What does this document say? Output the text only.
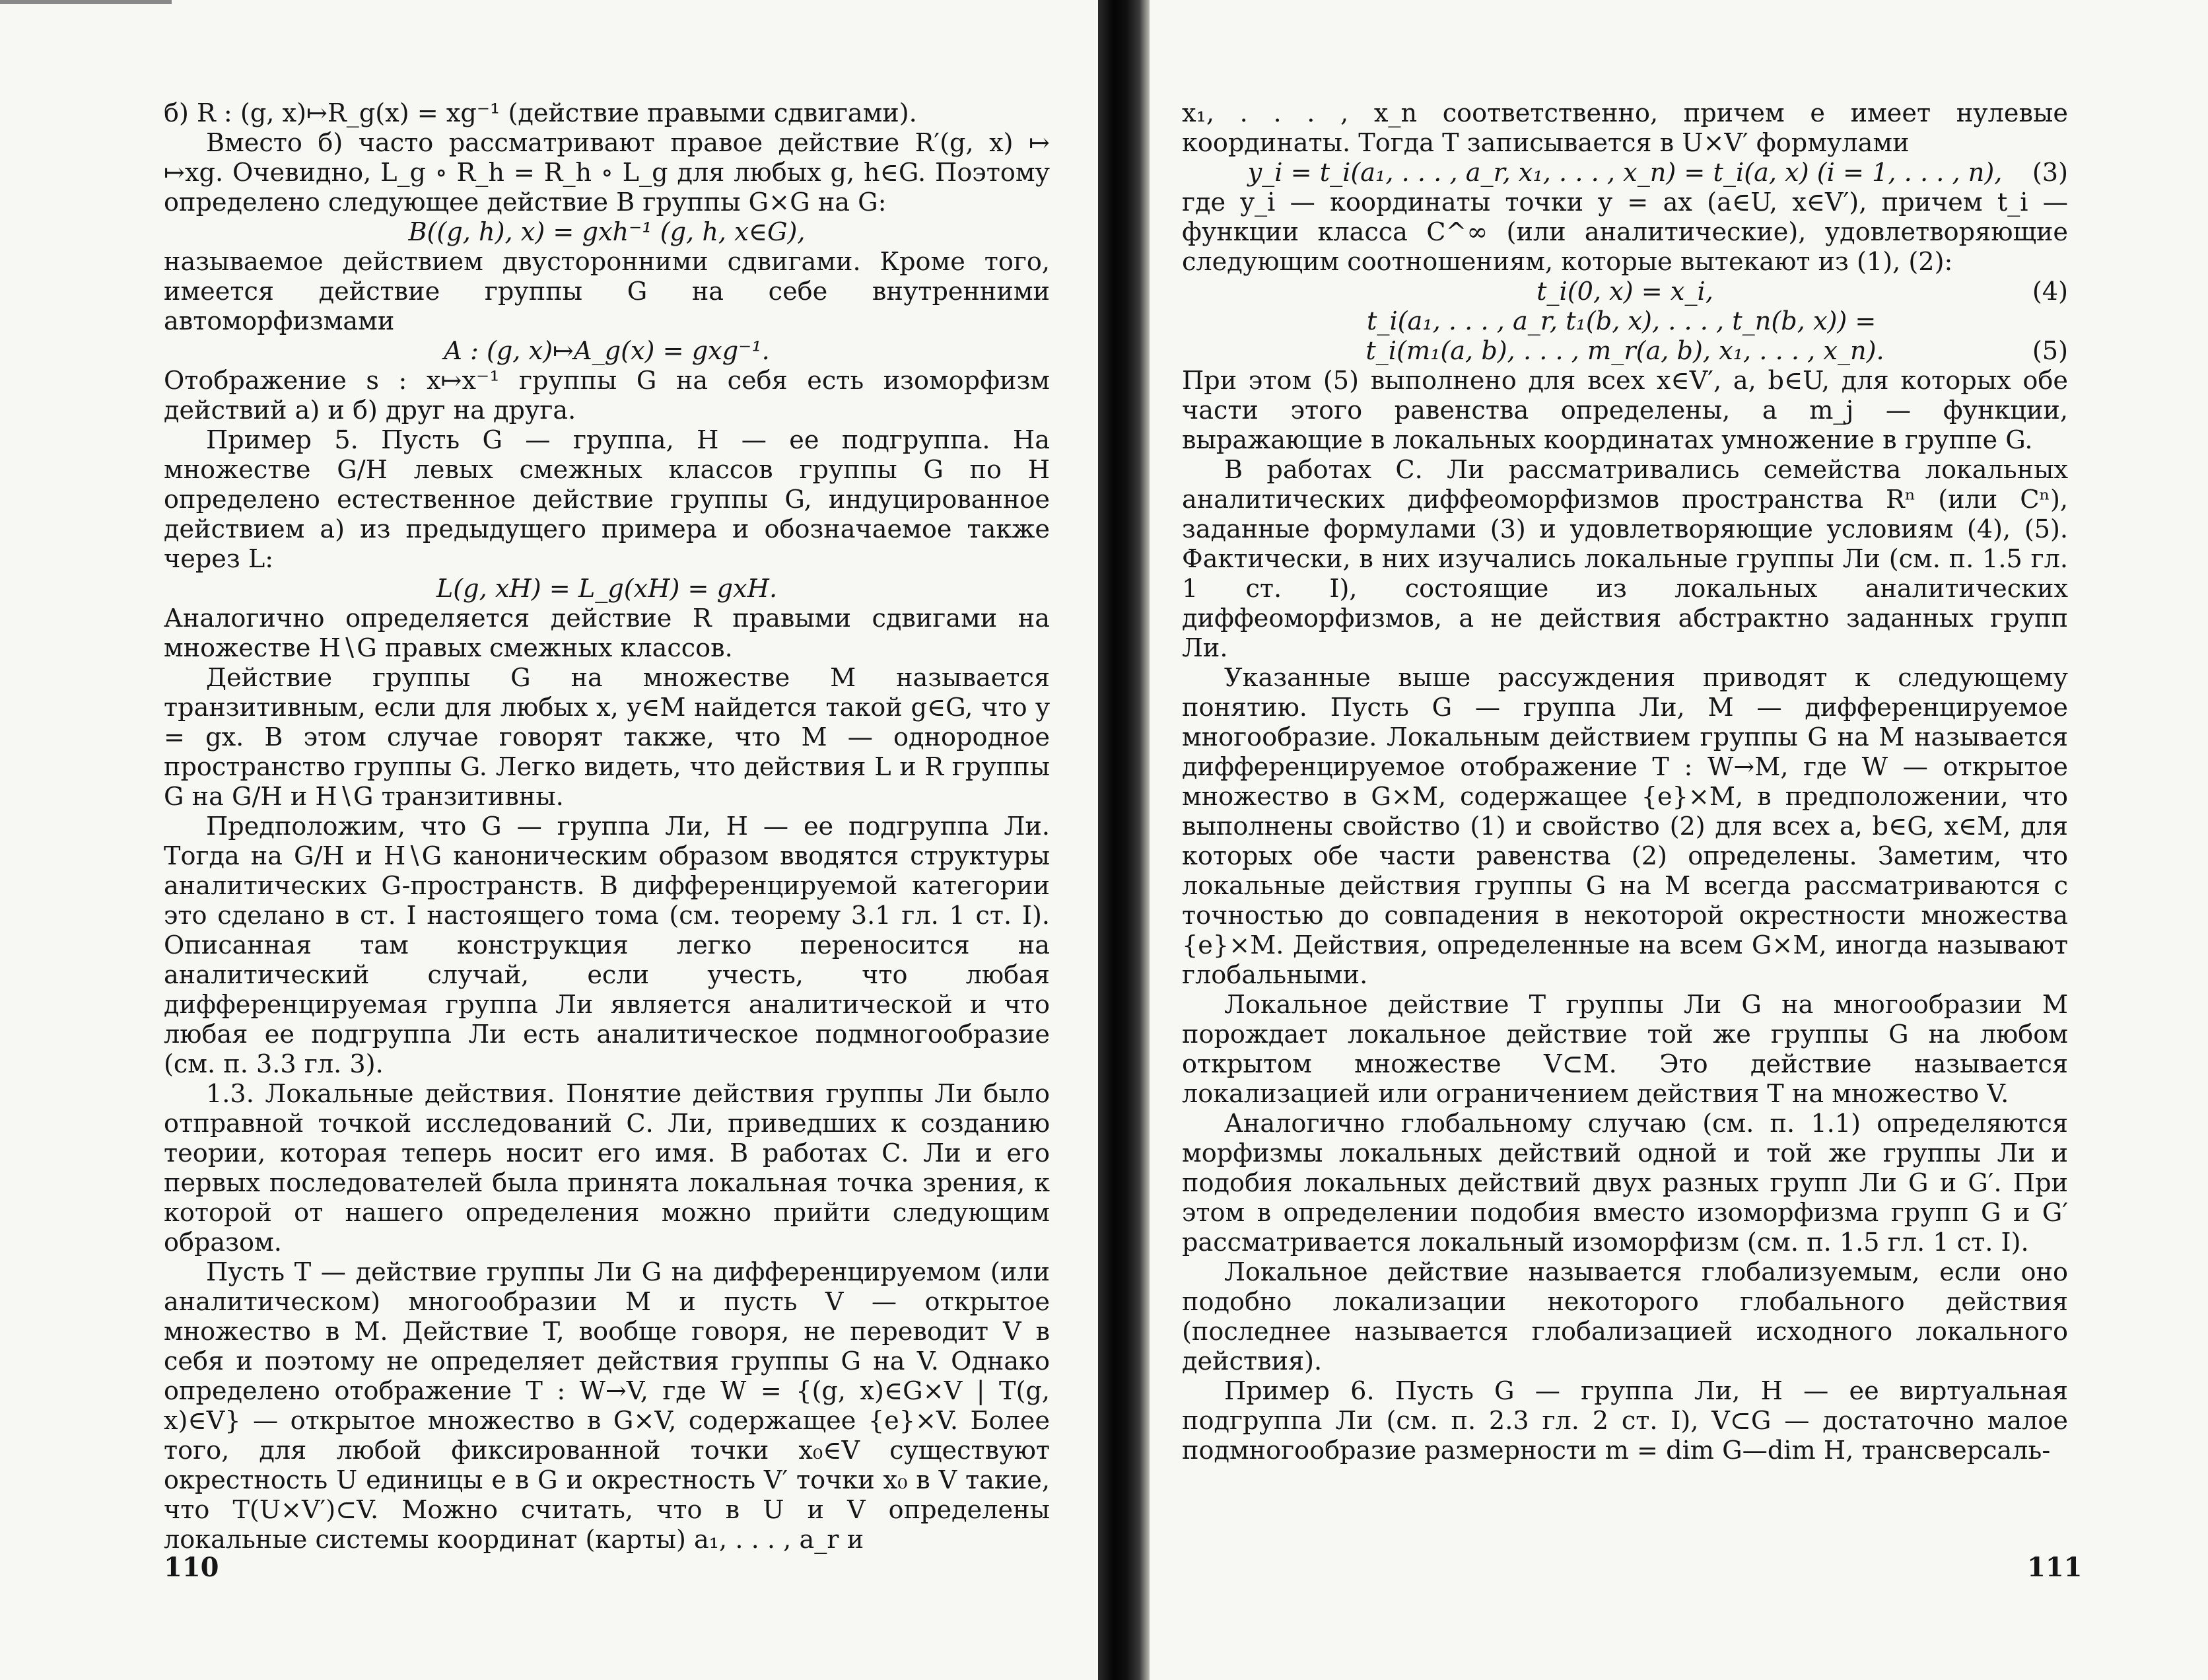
б) R : (g, x)↦R_g(x) = xg⁻¹ (действие правыми сдвигами).

Вместо б) часто рассматривают правое действие R′(g, x) ↦ ↦xg. Очевидно, L_g ∘ R_h = R_h ∘ L_g для любых g, h∈G. Поэтому определено следующее действие B группы G×G на G:

B((g, h), x) = gxh⁻¹ (g, h, x∈G),

называемое действием двусторонними сдвигами. Кроме того, имеется действие группы G на себе внутренними автоморфизмами

A : (g, x)↦A_g(x) = gxg⁻¹.

Отображение s : x↦x⁻¹ группы G на себя есть изоморфизм действий а) и б) друг на друга.

Пример 5. Пусть G — группа, H — ее подгруппа. На множестве G/H левых смежных классов группы G по H определено естественное действие группы G, индуцированное действием а) из предыдущего примера и обозначаемое также через L:

L(g, xH) = L_g(xH) = gxH.

Аналогично определяется действие R правыми сдвигами на множестве H∖G правых смежных классов.

Действие группы G на множестве M называется транзитивным, если для любых x, y∈M найдется такой g∈G, что y = gx. В этом случае говорят также, что M — однородное пространство группы G. Легко видеть, что действия L и R группы G на G/H и H∖G транзитивны.

Предположим, что G — группа Ли, H — ее подгруппа Ли. Тогда на G/H и H∖G каноническим образом вводятся структуры аналитических G-пространств. В дифференцируемой категории это сделано в ст. I настоящего тома (см. теорему 3.1 гл. 1 ст. I). Описанная там конструкция легко переносится на аналитический случай, если учесть, что любая дифференцируемая группа Ли является аналитической и что любая ее подгруппа Ли есть аналитическое подмногообразие (см. п. 3.3 гл. 3).

1.3. Локальные действия. Понятие действия группы Ли было отправной точкой исследований С. Ли, приведших к созданию теории, которая теперь носит его имя. В работах С. Ли и его первых последователей была принята локальная точка зрения, к которой от нашего определения можно прийти следующим образом.

Пусть T — действие группы Ли G на дифференцируемом (или аналитическом) многообразии M и пусть V — открытое множество в M. Действие T, вообще говоря, не переводит V в себя и поэтому не определяет действия группы G на V. Однако определено отображение T : W→V, где W = {(g, x)∈G×V | T(g, x)∈V} — открытое множество в G×V, содержащее {e}×V. Более того, для любой фиксированной точки x₀∈V существуют окрестность U единицы e в G и окрестность V′ точки x₀ в V такие, что T(U×V′)⊂V. Можно считать, что в U и V определены локальные системы координат (карты) a₁, . . . , a_r и

x₁, . . . , x_n соответственно, причем e имеет нулевые координаты. Тогда T записывается в U×V′ формулами

y_i = t_i(a₁, . . . , a_r, x₁, . . . , x_n) = t_i(a, x) (i = 1, . . . , n), (3)

где y_i — координаты точки y = ax (a∈U, x∈V′), причем t_i — функции класса C^∞ (или аналитические), удовлетворяющие следующим соотношениям, которые вытекают из (1), (2):

t_i(0, x) = x_i,	(4)

t_i(a₁, . . . , a_r, t₁(b, x), . . . , t_n(b, x)) =

t_i(m₁(a, b), . . . , m_r(a, b), x₁, . . . , x_n).	(5)

При этом (5) выполнено для всех x∈V′, a, b∈U, для которых обе части этого равенства определены, а m_j — функции, выражающие в локальных координатах умножение в группе G.

В работах С. Ли рассматривались семейства локальных аналитических диффеоморфизмов пространства Rⁿ (или Cⁿ), заданные формулами (3) и удовлетворяющие условиям (4), (5). Фактически, в них изучались локальные группы Ли (см. п. 1.5 гл. 1 ст. I), состоящие из локальных аналитических диффеоморфизмов, а не действия абстрактно заданных групп Ли.

Указанные выше рассуждения приводят к следующему понятию. Пусть G — группа Ли, M — дифференцируемое многообразие. Локальным действием группы G на M называется дифференцируемое отображение T : W→M, где W — открытое множество в G×M, содержащее {e}×M, в предположении, что выполнены свойство (1) и свойство (2) для всех a, b∈G, x∈M, для которых обе части равенства (2) определены. Заметим, что локальные действия группы G на M всегда рассматриваются с точностью до совпадения в некоторой окрестности множества {e}×M. Действия, определенные на всем G×M, иногда называют глобальными.

Локальное действие T группы Ли G на многообразии M порождает локальное действие той же группы G на любом открытом множестве V⊂M. Это действие называется локализацией или ограничением действия T на множество V.

Аналогично глобальному случаю (см. п. 1.1) определяются морфизмы локальных действий одной и той же группы Ли и подобия локальных действий двух разных групп Ли G и G′. При этом в определении подобия вместо изоморфизма групп G и G′ рассматривается локальный изоморфизм (см. п. 1.5 гл. 1 ст. I).

Локальное действие называется глобализуемым, если оно подобно локализации некоторого глобального действия (последнее называется глобализацией исходного локального действия).

Пример 6. Пусть G — группа Ли, H — ее виртуальная подгруппа Ли (см. п. 2.3 гл. 2 ст. I), V⊂G — достаточно малое подмногообразие размерности m = dim G—dim H, трансверсаль-

110	111
